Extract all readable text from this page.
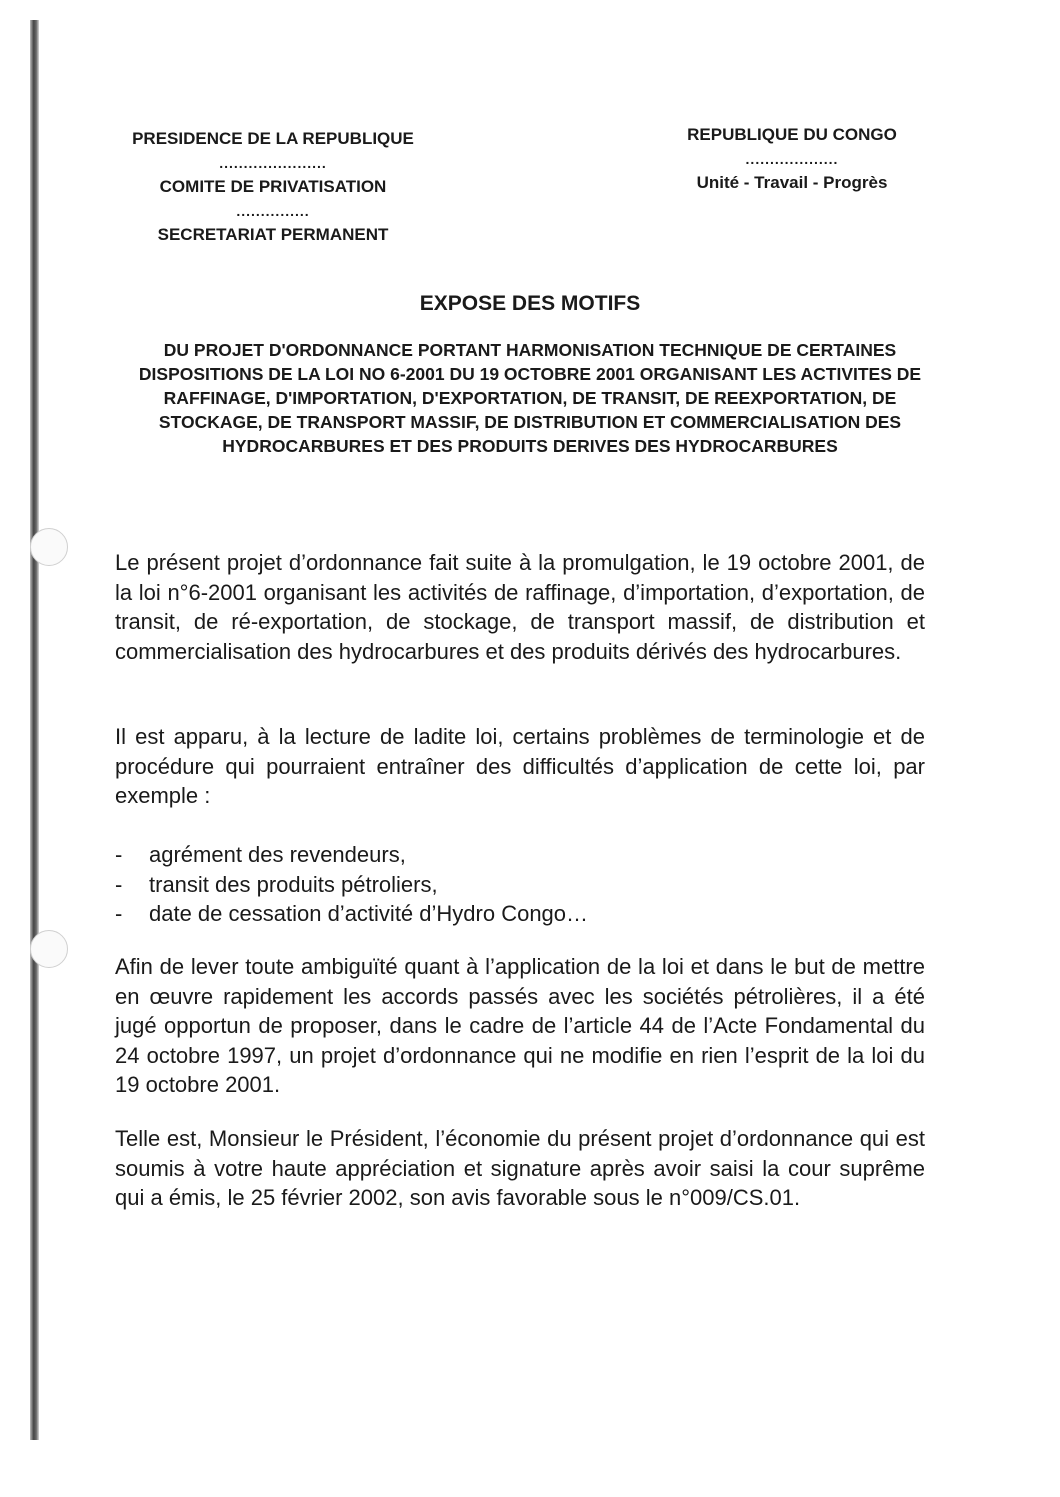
PRESIDENCE DE LA REPUBLIQUE
......................
COMITE DE PRIVATISATION
...............
SECRETARIAT PERMANENT
REPUBLIQUE DU CONGO
...................
Unité - Travail - Progrès
EXPOSE DES MOTIFS
DU PROJET D'ORDONNANCE PORTANT HARMONISATION TECHNIQUE DE CERTAINES DISPOSITIONS DE LA LOI NO 6-2001 DU 19 OCTOBRE 2001 ORGANISANT LES ACTIVITES DE RAFFINAGE, D'IMPORTATION, D'EXPORTATION, DE TRANSIT, DE REEXPORTATION, DE STOCKAGE, DE TRANSPORT MASSIF, DE DISTRIBUTION ET COMMERCIALISATION DES HYDROCARBURES ET DES PRODUITS DERIVES DES HYDROCARBURES
Le présent projet d’ordonnance fait suite à la promulgation, le 19 octobre 2001, de la loi n°6-2001 organisant les activités de raffinage, d’importation, d’exportation, de transit, de ré-exportation, de stockage, de transport massif, de distribution et commercialisation des hydrocarbures et des produits dérivés des hydrocarbures.
Il est apparu, à la lecture de ladite loi, certains problèmes de terminologie et de procédure qui pourraient entraîner des difficultés d’application de cette loi, par exemple :
-	agrément des revendeurs,
-	transit des produits pétroliers,
-	date de cessation d’activité d’Hydro Congo…
Afin de lever toute ambiguïté quant à l’application de la loi et dans le but de mettre en œuvre rapidement les accords passés avec les sociétés pétrolières, il a été jugé opportun de proposer, dans le cadre de l’article 44 de l’Acte Fondamental du 24 octobre 1997, un projet d’ordonnance qui ne modifie en rien l’esprit de la loi du 19 octobre 2001.
Telle est, Monsieur le Président, l’économie du présent projet d’ordonnance qui est soumis à votre haute appréciation et signature après avoir saisi la cour suprême qui a émis, le 25 février 2002, son avis favorable sous le n°009/CS.01.
